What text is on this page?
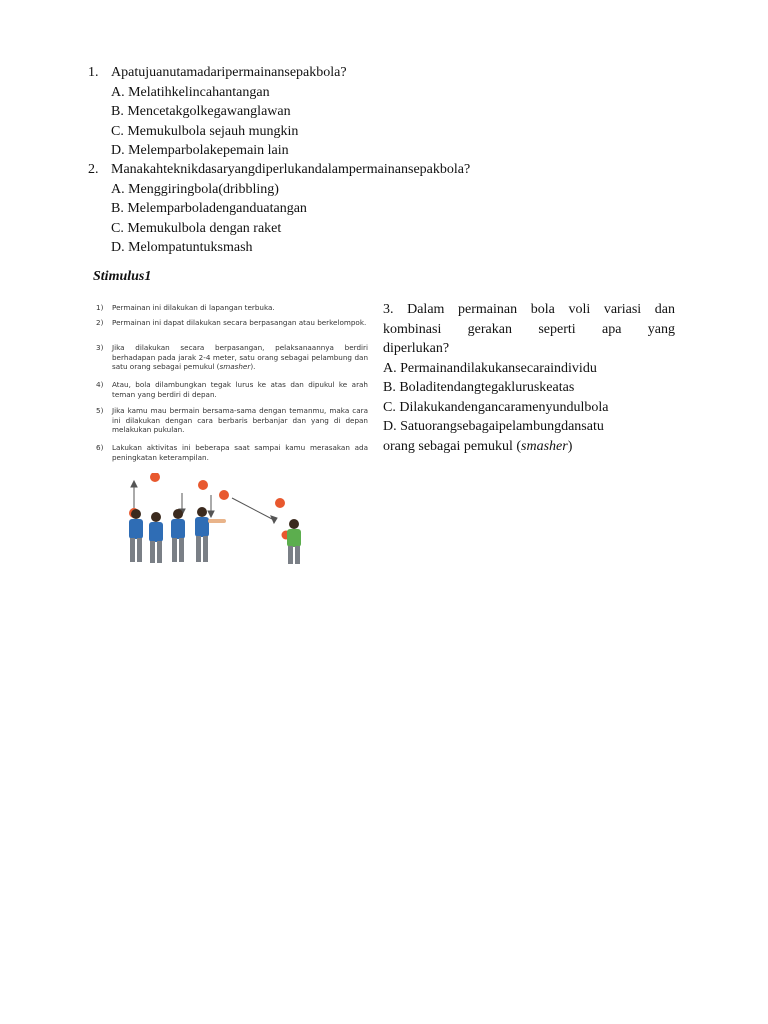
1. Apatujuanutamadaripermainansepakbola?
A. Melatihkelincahantangan
B. Mencetakgolkegawanglawan
C. Memukulbola sejauh mungkin
D. Melemparbolakepemain lain
2. Manakahteknikdasaryangdiperlukandalampermainansepakbola?
A. Menggiringbola(dribbling)
B. Melemparboladenganduatangan
C. Memukulbola dengan raket
D. Melompatuntuksmash
Stimulus1
1) Permainan ini dilakukan di lapangan terbuka.
2) Permainan ini dapat dilakukan secara berpasangan atau berkelompok.
3) Jika dilakukan secara berpasangan, pelaksanaannya berdiri berhadapan pada jarak 2-4 meter, satu orang sebagai pelambung dan satu orang sebagai pemukul (smasher).
4) Atau, bola dilambungkan tegak lurus ke atas dan dipukul ke arah teman yang berdiri di depan.
5) Jika kamu mau bermain bersama-sama dengan temanmu, maka cara ini dilakukan dengan cara berbaris berbanjar dan yang di depan melakukan pukulan.
6) Lakukan aktivitas ini beberapa saat sampai kamu merasakan ada peningkatan keterampilan.
3. Dalam permainan bola voli variasi dan
kombinasi gerakan seperti apa yang
diperlukan?
A. Permainandilakukansecaraindividu
B. Boladitendangtegakluruskeatas
C. Dilakukandengancaramenyundulbola
D. Satuorangsebagaipelambungdansatu
orang sebagai pemukul (smasher)
